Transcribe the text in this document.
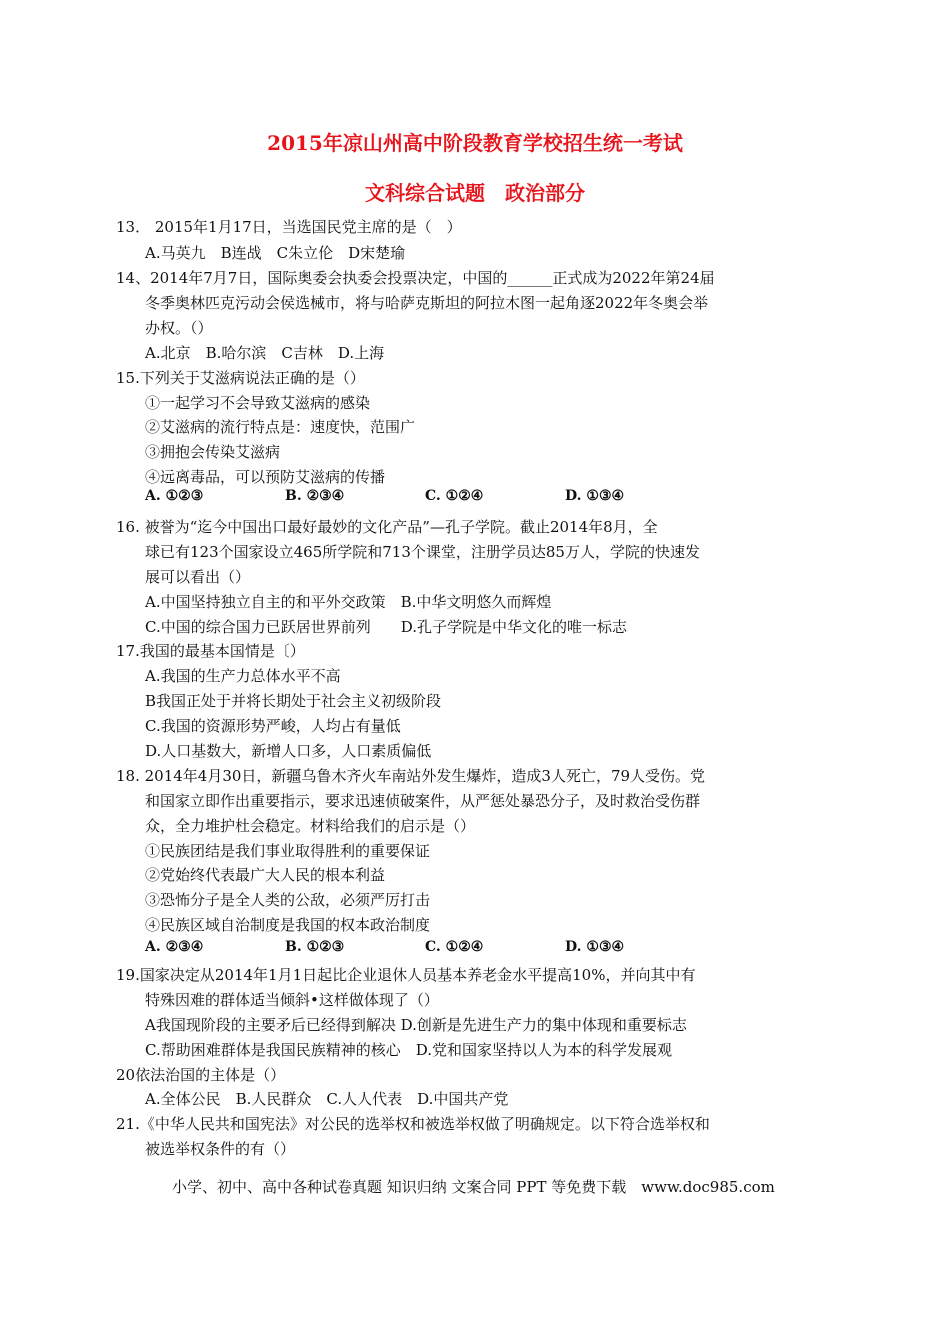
2015年凉山州高中阶段教育学校招生统一考试
文科综合试题　政治部分
13． 2015年1月17日，当选国民党主席的是（　）
A.马英九　B连战　C朱立伦　D宋楚瑜
14、2014年7月7日，国际奥委会执委会投票决定，中国的______正式成为2022年第24届
冬季奥林匹克污动会侯选械市，将与哈萨克斯坦的阿拉木图一起角逐2022年冬奥会举
办权。（）
A.北京　B.哈尔滨　C吉林　D.上海
15.下列关于艾滋病说法正确的是（）
①一起学习不会导致艾滋病的感染
②艾滋病的流行特点是：速度快，范围广
③拥抱会传染艾滋病
④远离毒品，可以预防艾滋病的传播
A. ①②③	B. ②③④	C. ①②④	D. ①③④
16. 被誉为“迄今中国出口最好最妙的文化产品”—孔子学院。截止2014年8月，全
球已有123个国家设立465所学院和713个课堂，注册学员达85万人，学院的快速发
展可以看出（）
A.中国坚持独立自主的和平外交政策　B.中华文明悠久而辉煌
C.中国的综合国力已跃居世界前列　　D.孔子学院是中华文化的唯一标志
17.我国的最基本国情是〔）
A.我国的生产力总体水平不高
B我国正处于并将长期处于社会主义初级阶段
C.我国的资源形势严峻，人均占有量低
D.人口基数大，新增人口多，人口素质偏低
18. 2014年4月30日，新疆乌鲁木齐火车南站外发生爆炸，造成3人死亡，79人受伤。党
和国家立即作出重要指示，要求迅速侦破案件，从严惩处暴恐分子，及时救治受伤群
众，全力堆护杜会稳定。材料给我们的启示是（）
①民族团结是我们事业取得胜利的重要保证
②党始终代表最广大人民的根本利益
③恐怖分子是全人类的公敌，必须严厉打击
④民族区域自治制度是我国的权本政治制度
A. ②③④	B. ①②③	C. ①②④	D. ①③④
19.国家决定从2014年1月1日起比企业退休人员基本养老金水平提高10%，并向其中有
特殊因难的群体适当倾斜•这样做体现了（）
A我国现阶段的主要矛后已经得到解决 D.创新是先进生产力的集中体现和重要标志
C.帮助困难群体是我国民族精神的核心　D.党和国家坚持以人为本的科学发展观
20依法治国的主体是（）
A.全体公民　B.人民群众　C.人人代表　D.中国共产党
21.《中华人民共和国宪法》对公民的选举权和被选举权做了明确规定。以下符合选举权和
被选举权条件的有（）
小学、初中、高中各种试卷真题 知识归纳 文案合同 PPT 等免费下载　www.doc985.com
